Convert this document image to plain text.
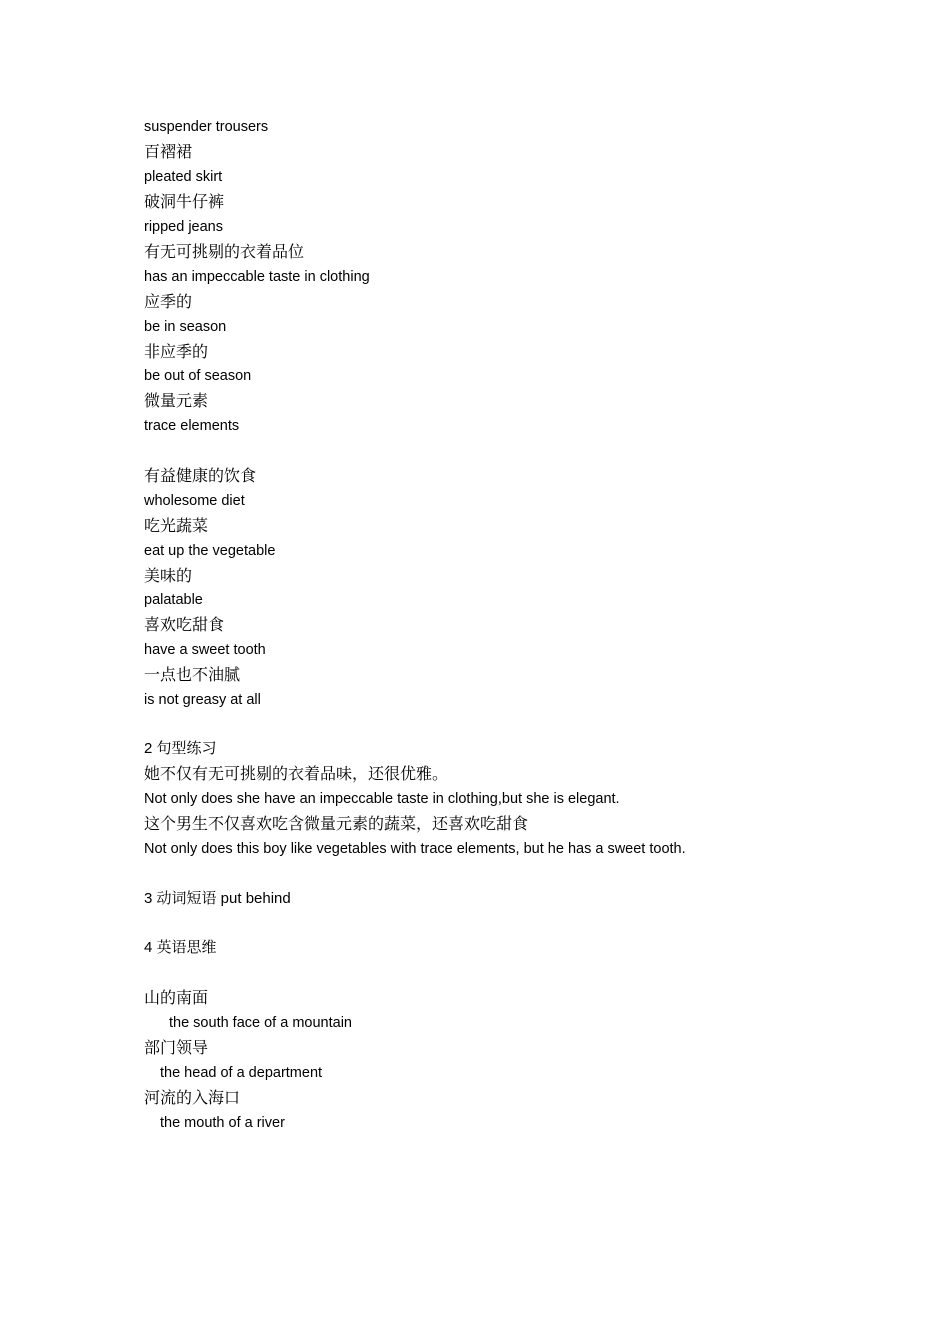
suspender trousers
百褶裙
pleated skirt
破洞牛仔裤
ripped jeans
有无可挑剔的衣着品位
has an impeccable taste in clothing
应季的
be in season
非应季的
be out of season
微量元素
trace elements
有益健康的饮食
wholesome diet
吃光蔬菜
eat up the vegetable
美味的
palatable
喜欢吃甜食
have a sweet tooth
一点也不油腻
is not greasy at all
2 句型练习
她不仅有无可挑剔的衣着品味，还很优雅。
Not only does she have an impeccable taste in clothing,but she is elegant.
这个男生不仅喜欢吃含微量元素的蔬菜，还喜欢吃甜食
Not only does this boy like vegetables with trace elements, but he has a sweet tooth.
3 动词短语 put behind
4 英语思维
山的南面
the south face of a mountain
部门领导
the head of a department
河流的入海口
the mouth of a river
